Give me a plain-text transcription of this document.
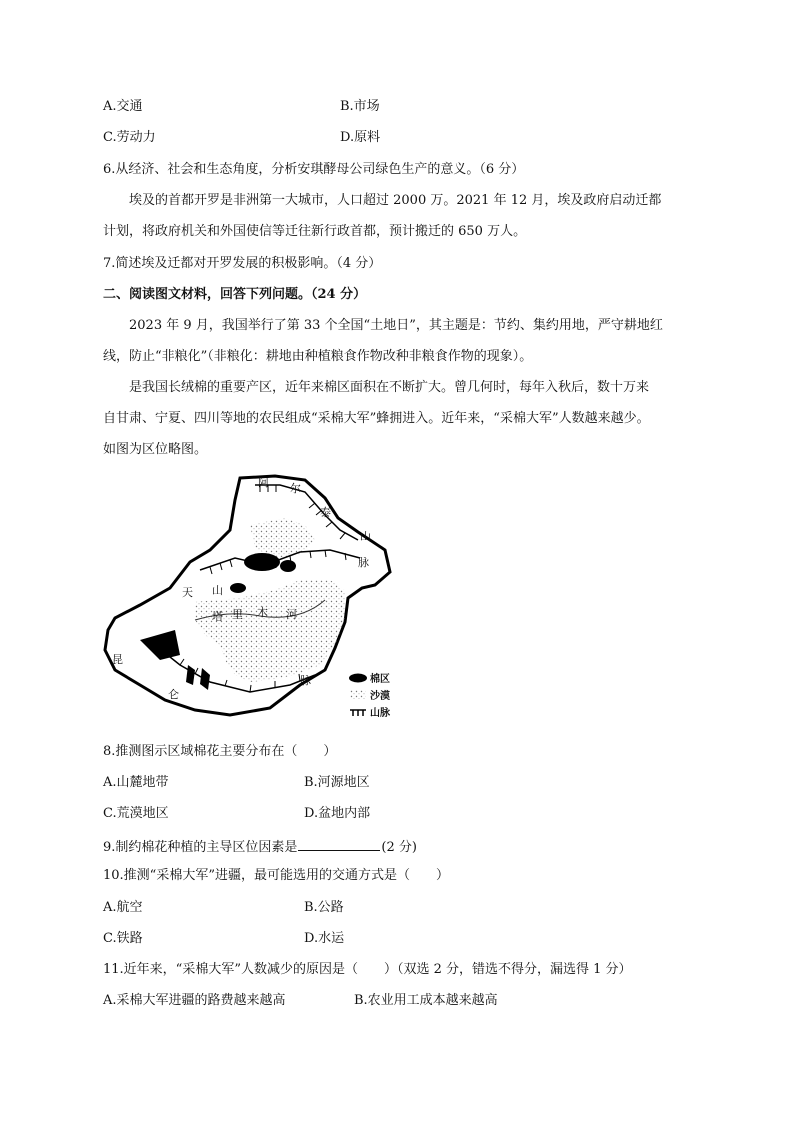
A.交通	B.市场
C.劳动力	D.原料
6.从经济、社会和生态角度，分析安琪酵母公司绿色生产的意义。（6 分）
埃及的首都开罗是非洲第一大城市，人口超过 2000 万。2021 年 12 月，埃及政府启动迁都
计划，将政府机关和外国使信等迁往新行政首都，预计搬迁的 650 万人。
7.简述埃及迁都对开罗发展的积极影响。（4 分）
二、阅读图文材料，回答下列问题。（24 分）
2023 年 9 月，我国举行了第 33 个全国“土地日”，其主题是：节约、集约用地，严守耕地红
线，防止“非粮化”（非粮化：耕地由种植粮食作物改种非粮食作物的现象）。
是我国长绒棉的重要产区，近年来棉区面积在不断扩大。曾几何时，每年入秋后，数十万来
自甘肃、宁夏、四川等地的农民组成“采棉大军”蜂拥进入。近年来，“采棉大军”人数越来越少。
如图为区位略图。
阿 尔
泰
山
脉
天 山
塔 里 木 河
昆
仑
脉	棉区
沙漠
山脉
8.推测图示区域棉花主要分布在（　　）
A.山麓地带	B.河源地区
C.荒漠地区	D.盆地内部
9.制约棉花种植的主导区位因素是	(2 分)
10.推测“采棉大军”进疆，最可能选用的交通方式是（　　）
A.航空	B.公路
C.铁路	D.水运
11.近年来，“采棉大军”人数减少的原因是（　　）（双选 2 分，错选不得分，漏选得 1 分）
A.采棉大军进疆的路费越来越高	B.农业用工成本越来越高
